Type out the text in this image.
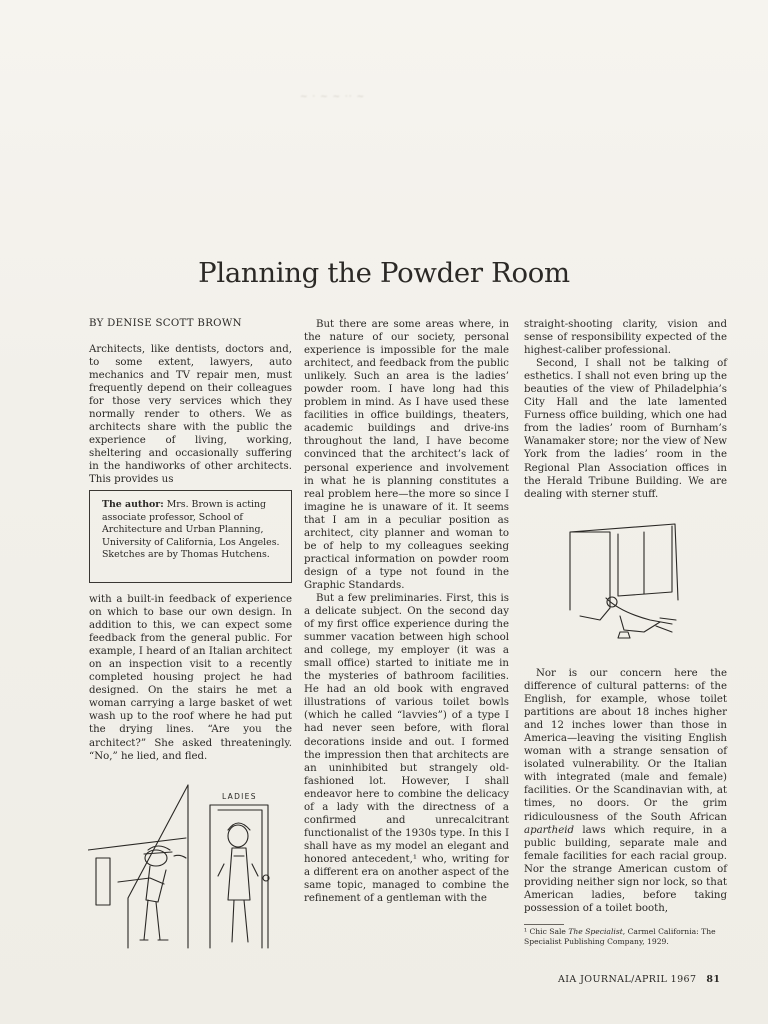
~ · ~ ~ ·· ~
Planning the Powder Room
BY DENISE SCOTT BROWN

Architects, like dentists, doctors and, to some extent, lawyers, auto mechanics and TV repair men, must frequently depend on their colleagues for those very services which they normally render to others. We as architects share with the public the experience of living, working, sheltering and occasionally suffering in the handiworks of other architects. This provides us

The author: Mrs. Brown is acting associate professor, School of Architecture and Urban Planning, University of California, Los Angeles. Sketches are by Thomas Hutchens.

with a built-in feedback of experience on which to base our own design. In addition to this, we can expect some feedback from the general public. For example, I heard of an Italian architect on an inspection visit to a recently completed housing project he had designed. On the stairs he met a woman carrying a large basket of wet wash up to the roof where he had put the drying lines. “Are you the architect?” She asked threateningly. “No,” he lied, and fled.

LADIES

But there are some areas where, in the nature of our society, personal experience is impossible for the male architect, and feedback from the public unlikely. Such an area is the ladies’ powder room. I have long had this problem in mind. As I have used these facilities in office buildings, theaters, academic buildings and drive-ins throughout the land, I have become convinced that the architect’s lack of personal experience and involvement in what he is planning constitutes a real problem here—the more so since I imagine he is unaware of it. It seems that I am in a peculiar position as architect, city planner and woman to be of help to my colleagues seeking practical information on powder room design of a type not found in the Graphic Standards.

But a few preliminaries. First, this is a delicate subject. On the second day of my first office experience during the summer vacation between high school and college, my employer (it was a small office) started to initiate me in the mysteries of bathroom facilities. He had an old book with engraved illustrations of various toilet bowls (which he called “lavvies”) of a type I had never seen before, with floral decorations inside and out. I formed the impression then that architects are an uninhibited but strangely old-fashioned lot. However, I shall endeavor here to combine the delicacy of a lady with the directness of a confirmed and unrecalcitrant functionalist of the 1930s type. In this I shall have as my model an elegant and honored antecedent,¹ who, writing for a different era on another aspect of the same topic, managed to combine the refinement of a gentleman with the

straight-shooting clarity, vision and sense of responsibility expected of the highest-caliber professional.

Second, I shall not be talking of esthetics. I shall not even bring up the beauties of the view of Philadelphia’s City Hall and the late lamented Furness office building, which one had from the ladies’ room of Burnham’s Wanamaker store; nor the view of New York from the ladies’ room in the Regional Plan Association offices in the Herald Tribune Building. We are dealing with sterner stuff.

Nor is our concern here the difference of cultural patterns: of the English, for example, whose toilet partitions are about 18 inches higher and 12 inches lower than those in America—leaving the visiting English woman with a strange sensation of isolated vulnerability. Or the Italian with integrated (male and female) facilities. Or the Scandinavian with, at times, no doors. Or the grim ridiculousness of the South African apartheid laws which require, in a public building, separate male and female facilities for each racial group. Nor the strange American custom of providing neither sign nor lock, so that American ladies, before taking possession of a toilet booth,

¹ Chic Sale The Specialist, Carmel California: The Specialist Publishing Company, 1929.
AIA JOURNAL/APRIL 1967 81
